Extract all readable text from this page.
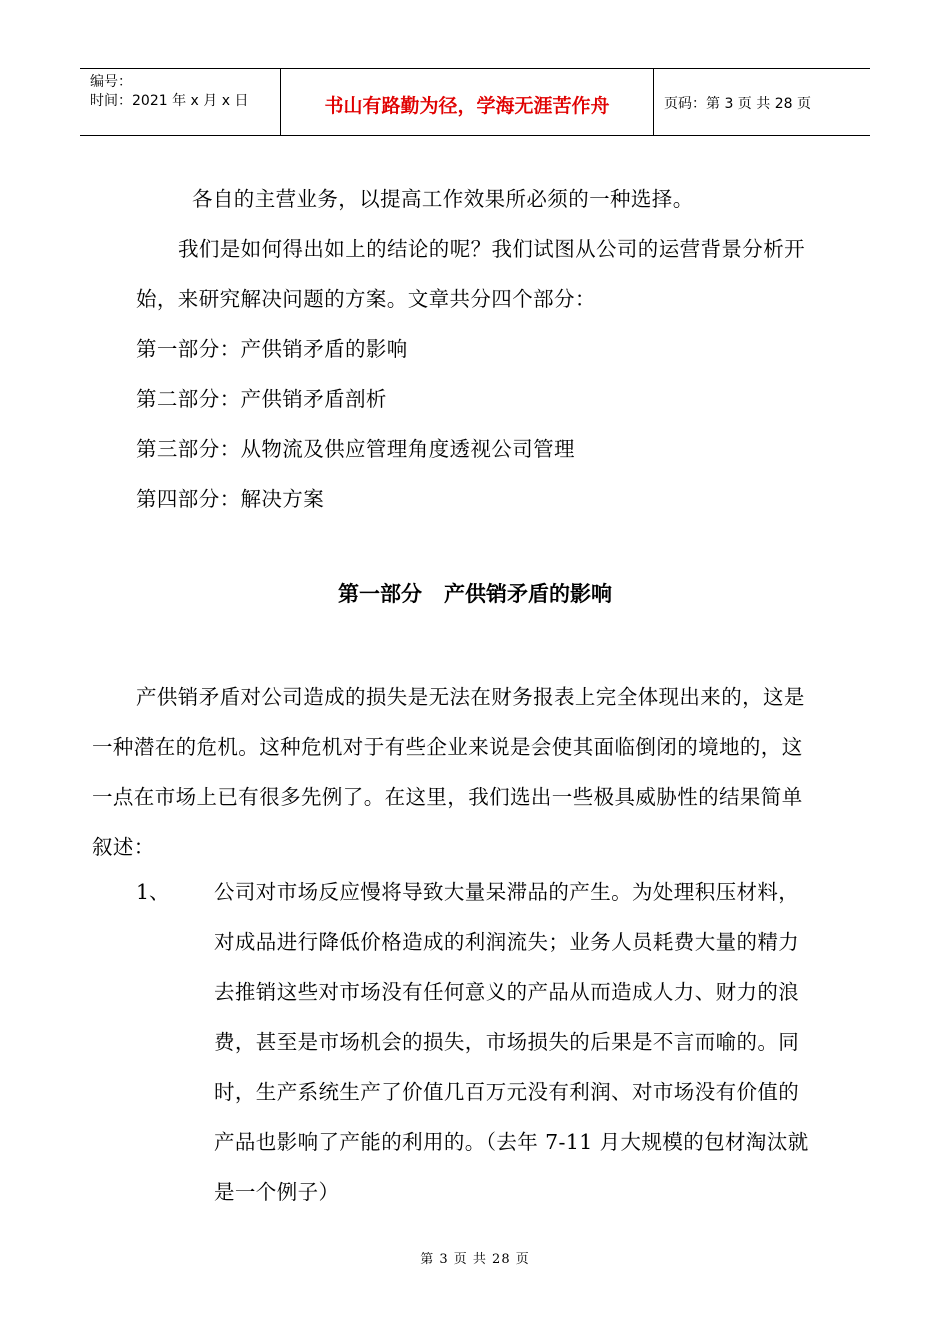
编号：
时间：2021 年 x 月 x 日	书山有路勤为径，学海无涯苦作舟	页码：第 3 页 共 28 页
各自的主营业务，以提高工作效果所必须的一种选择。
我们是如何得出如上的结论的呢？我们试图从公司的运营背景分析开
始，来研究解决问题的方案。文章共分四个部分：
第一部分：产供销矛盾的影响
第二部分：产供销矛盾剖析
第三部分：从物流及供应管理角度透视公司管理
第四部分：解决方案
第一部分   产供销矛盾的影响
产供销矛盾对公司造成的损失是无法在财务报表上完全体现出来的，这是
一种潜在的危机。这种危机对于有些企业来说是会使其面临倒闭的境地的，这
一点在市场上已有很多先例了。在这里，我们选出一些极具威胁性的结果简单
叙述：
1、 公司对市场反应慢将导致大量呆滞品的产生。为处理积压材料，
对成品进行降低价格造成的利润流失；业务人员耗费大量的精力
去推销这些对市场没有任何意义的产品从而造成人力、财力的浪
费，甚至是市场机会的损失，市场损失的后果是不言而喻的。同
时，生产系统生产了价值几百万元没有利润、对市场没有价值的
产品也影响了产能的利用的。（去年 7-11 月大规模的包材淘汰就
是一个例子）
第 3 页 共 28 页
